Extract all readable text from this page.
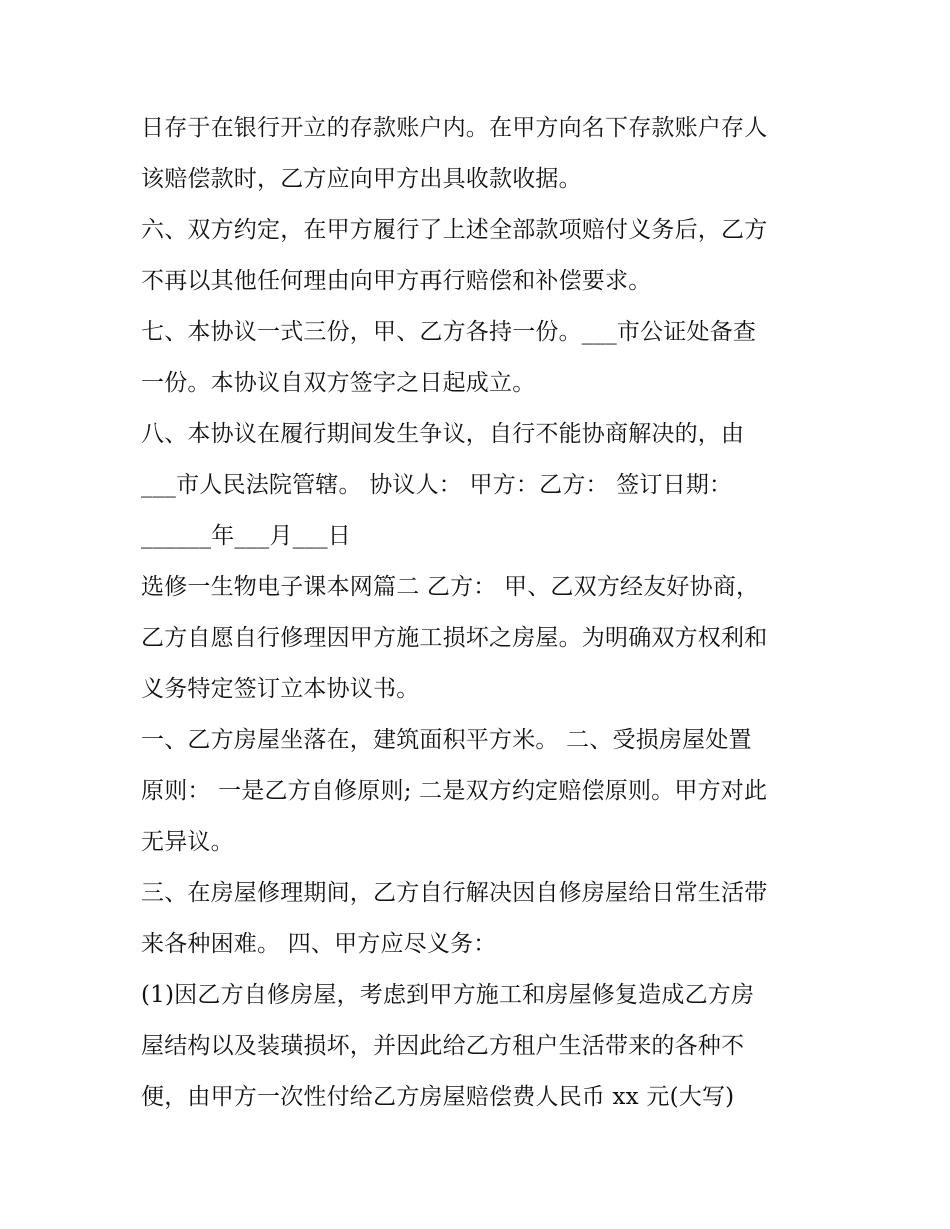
日存于在银行开立的存款账户内。在甲方向名下存款账户存人
该赔偿款时，乙方应向甲方出具收款收据。
六、双方约定，在甲方履行了上述全部款项赔付义务后，乙方
不再以其他任何理由向甲方再行赔偿和补偿要求。
七、本协议一式三份，甲、乙方各持一份。___市公证处备查
一份。本协议自双方签字之日起成立。
八、本协议在履行期间发生争议，自行不能协商解决的，由
___市人民法院管辖。 协议人： 甲方：乙方： 签订日期：
______年___月___日
选修一生物电子课本网篇二 乙方： 甲、乙双方经友好协商，
乙方自愿自行修理因甲方施工损坏之房屋。为明确双方权利和
义务特定签订立本协议书。
一、乙方房屋坐落在，建筑面积平方米。 二、受损房屋处置
原则： 一是乙方自修原则; 二是双方约定赔偿原则。甲方对此
无异议。
三、在房屋修理期间，乙方自行解决因自修房屋给日常生活带
来各种困难。 四、甲方应尽义务：
(1)因乙方自修房屋，考虑到甲方施工和房屋修复造成乙方房
屋结构以及装璜损坏，并因此给乙方租户生活带来的各种不
便，由甲方一次性付给乙方房屋赔偿费人民币 xx 元(大写)
